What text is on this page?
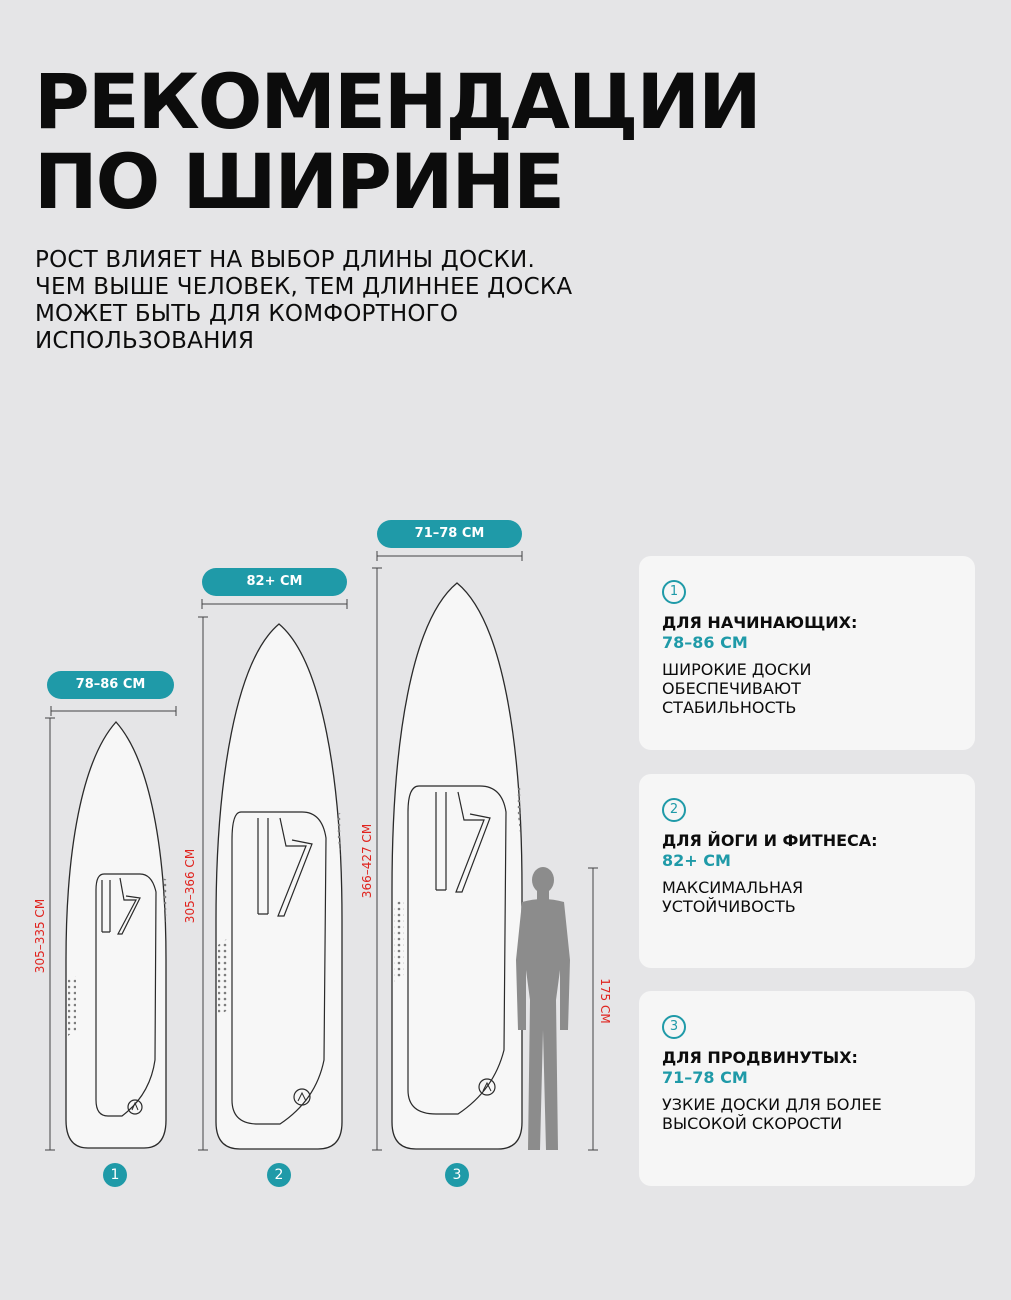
РЕКОМЕНДАЦИИ
ПО ШИРИНЕ
РОСТ ВЛИЯЕТ НА ВЫБОР ДЛИНЫ ДОСКИ.
ЧЕМ ВЫШЕ ЧЕЛОВЕК, ТЕМ ДЛИННЕЕ ДОСКА
МОЖЕТ БЫТЬ ДЛЯ КОМФОРТНОГО
ИСПОЛЬЗОВАНИЯ
78–86 СМ
82+ СМ
71–78 СМ
305–335 СМ
305–366 СМ	366–427 СМ
175 СМ
1	2	3
1
ДЛЯ НАЧИНАЮЩИХ:
78–86 СМ
ШИРОКИЕ ДОСКИ
ОБЕСПЕЧИВАЮТ
СТАБИЛЬНОСТЬ
2
ДЛЯ ЙОГИ И ФИТНЕСА:
82+ СМ
МАКСИМАЛЬНАЯ
УСТОЙЧИВОСТЬ
3
ДЛЯ ПРОДВИНУТЫХ:
71–78 СМ
УЗКИЕ ДОСКИ ДЛЯ БОЛЕЕ
ВЫСОКОЙ СКОРОСТИ
